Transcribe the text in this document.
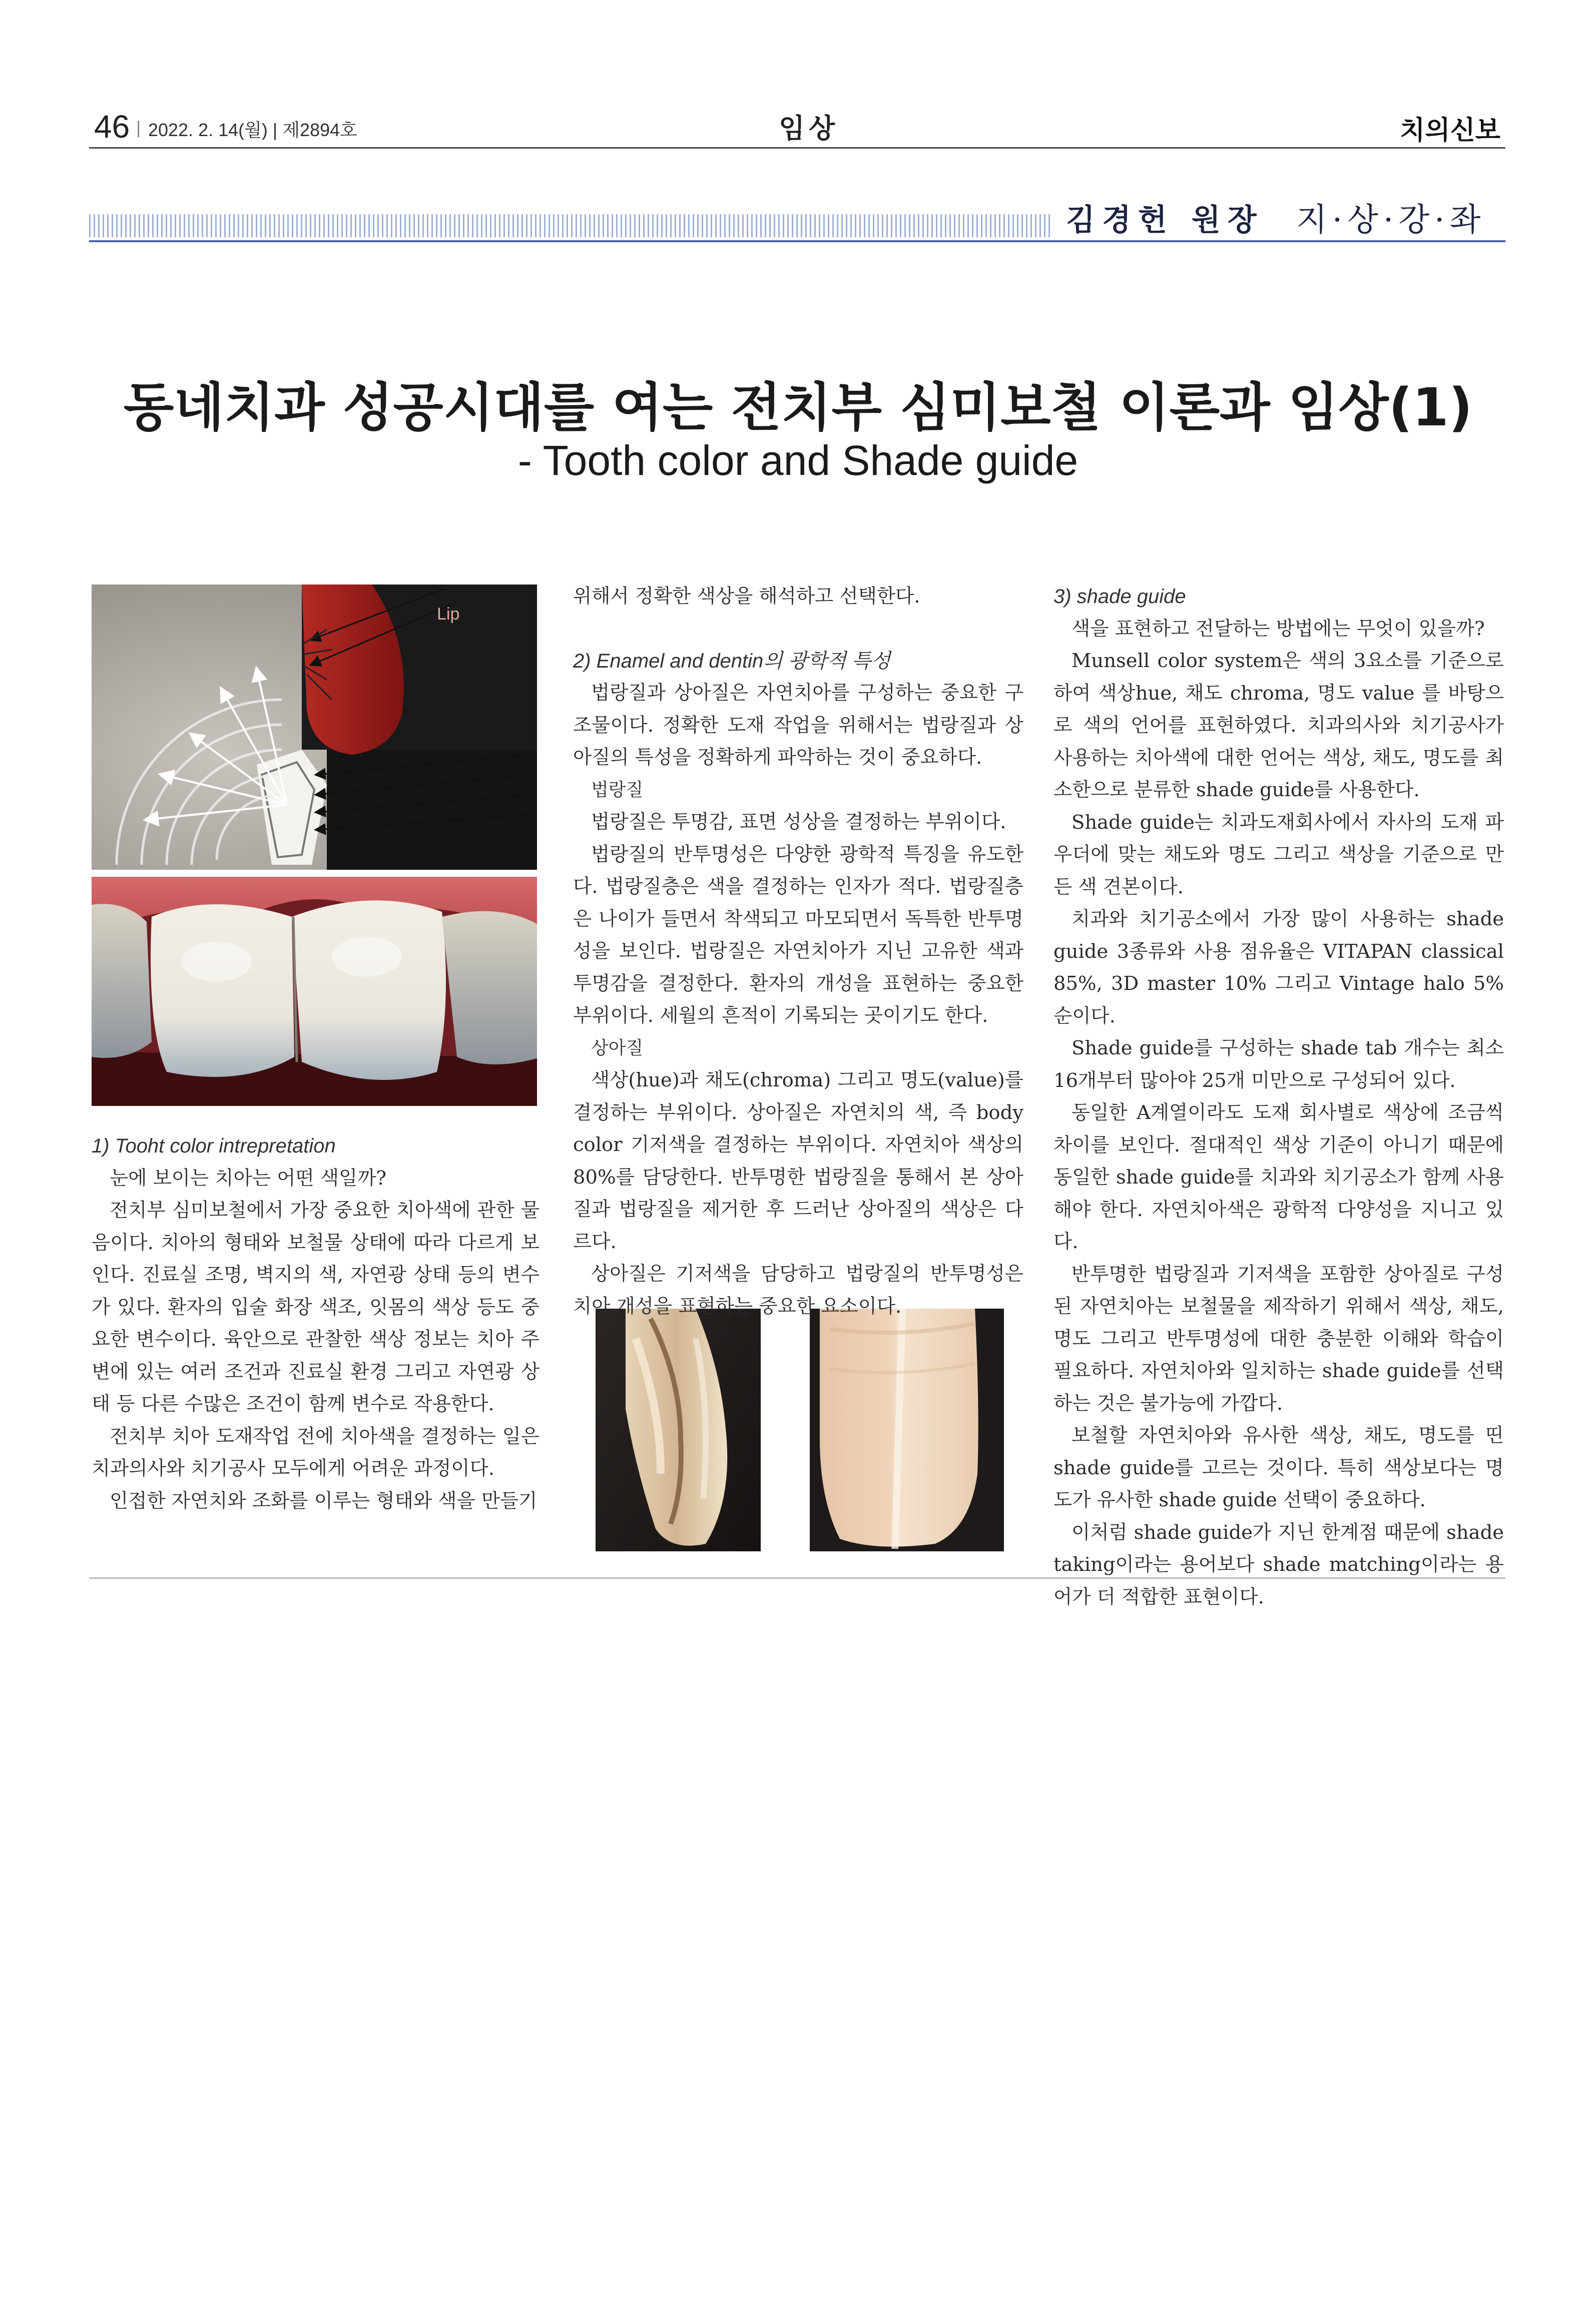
46 | 2022. 2. 14(월) | 제2894호	임상	치의신보
김경헌 원장 지·상·강·좌
동네치과 성공시대를 여는 전치부 심미보철 이론과 임상(1)
- Tooth color and Shade guide
Lip

1) Tooht color intrepretation

눈에 보이는 치아는 어떤 색일까?

전치부 심미보철에서 가장 중요한 치아색에 관한 물음이다. 치아의 형태와 보철물 상태에 따라 다르게 보인다. 진료실 조명, 벽지의 색, 자연광 상태 등의 변수가 있다. 환자의 입술 화장 색조, 잇몸의 색상 등도 중요한 변수이다. 육안으로 관찰한 색상 정보는 치아 주변에 있는 여러 조건과 진료실 환경 그리고 자연광 상태 등 다른 수많은 조건이 함께 변수로 작용한다.

전치부 치아 도재작업 전에 치아색을 결정하는 일은 치과의사와 치기공사 모두에게 어려운 과정이다.

인접한 자연치와 조화를 이루는 형태와 색을 만들기

위해서 정확한 색상을 해석하고 선택한다.

2) Enamel and dentin의 광학적 특성

법랑질과 상아질은 자연치아를 구성하는 중요한 구조물이다. 정확한 도재 작업을 위해서는 법랑질과 상아질의 특성을 정확하게 파악하는 것이 중요하다.

법랑질

법랑질은 투명감, 표면 성상을 결정하는 부위이다.

법랑질의 반투명성은 다양한 광학적 특징을 유도한다. 법랑질층은 색을 결정하는 인자가 적다. 법랑질층은 나이가 들면서 착색되고 마모되면서 독특한 반투명성을 보인다. 법랑질은 자연치아가 지닌 고유한 색과 투명감을 결정한다. 환자의 개성을 표현하는 중요한 부위이다. 세월의 흔적이 기록되는 곳이기도 한다.

상아질

색상(hue)과 채도(chroma) 그리고 명도(value)를 결정하는 부위이다. 상아질은 자연치의 색, 즉 body color 기저색을 결정하는 부위이다. 자연치아 색상의 80%를 담당한다. 반투명한 법랑질을 통해서 본 상아질과 법랑질을 제거한 후 드러난 상아질의 색상은 다르다.

상아질은 기저색을 담당하고 법랑질의 반투명성은 치아 개성을 표현하는 중요한 요소이다.

3) shade guide

색을 표현하고 전달하는 방법에는 무엇이 있을까?

Munsell color system은 색의 3요소를 기준으로 하여 색상hue, 채도 chroma, 명도 value 를 바탕으로 색의 언어를 표현하였다. 치과의사와 치기공사가 사용하는 치아색에 대한 언어는 색상, 채도, 명도를 최소한으로 분류한 shade guide를 사용한다.

Shade guide는 치과도재회사에서 자사의 도재 파우더에 맞는 채도와 명도 그리고 색상을 기준으로 만든 색 견본이다.

치과와 치기공소에서 가장 많이 사용하는 shade guide 3종류와 사용 점유율은 VITAPAN classical 85%, 3D master 10% 그리고 Vintage halo 5% 순이다.

Shade guide를 구성하는 shade tab 개수는 최소 16개부터 많아야 25개 미만으로 구성되어 있다.

동일한 A계열이라도 도재 회사별로 색상에 조금씩 차이를 보인다. 절대적인 색상 기준이 아니기 때문에 동일한 shade guide를 치과와 치기공소가 함께 사용해야 한다. 자연치아색은 광학적 다양성을 지니고 있다.

반투명한 법랑질과 기저색을 포함한 상아질로 구성된 자연치아는 보철물을 제작하기 위해서 색상, 채도, 명도 그리고 반투명성에 대한 충분한 이해와 학습이 필요하다. 자연치아와 일치하는 shade guide를 선택하는 것은 불가능에 가깝다.

보철할 자연치아와 유사한 색상, 채도, 명도를 띤 shade guide를 고르는 것이다. 특히 색상보다는 명도가 유사한 shade guide 선택이 중요하다.

이처럼 shade guide가 지닌 한계점 때문에 shade taking이라는 용어보다 shade matching이라는 용어가 더 적합한 표현이다.
